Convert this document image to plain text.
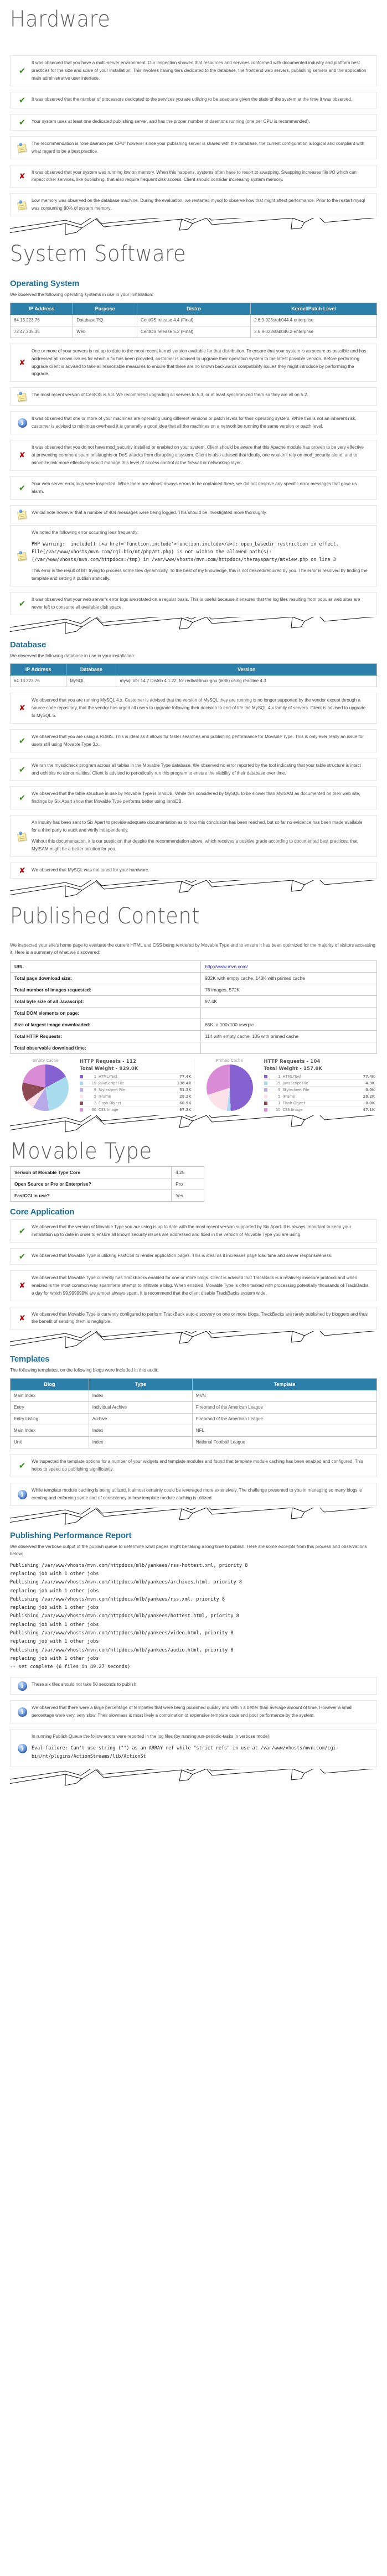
Hardware
✔

It was observed that you have a multi-server environment. Our inspection showed that resources and services conformed with documented industry and platform best practices for the size and scale of your installation. This involves having tiers dedicated to the database, the front end web servers, publishing servers and the application main administrative user interface.

✔ It was observed that the number of processors dedicated to the services you are utilizing to be adequate given the state of the system at the time it was observed.

✔ Your system uses at least one dedicated publishing server, and has the proper number of daemons running (one per CPU is recommended).

The recommendation is “one daemon per CPU” however since your publishing server is shared with the database, the current configuration is logical and compliant with what regard to be a best practice.

✘ It was observed that your system was running low on memory. When this happens, systems often have to resort to swapping. Swapping increases file I/O which can impact other services, like publishing, that also require frequent disk access. Client should consider increasing system memory.

Low memory was observed on the database machine. During the evaluation, we restarted mysql to observe how that might affect performance. Prior to the restart mysql was consuming 80% of system memory.

System Software
Operating System

We observed the following operating systems in use in your installation:

IP Address	Purpose	Distro	Kernel/Patch Level
64.13.223.76	Database/PQ	CentOS release 4.4 (Final)	2.6.9-023stab044.4-enterprise
72.47.235.35	Web	CentOS release 5.2 (Final)	2.6.9-023stab046.2-enterprise
✘

One or more of your servers is not up to date to the most recent kernel version available for that distribution. To ensure that your system is as secure as possible and has addressed all known issues for which a fix has been provided, customer is advised to upgrade their operation system to the latest possible version. Before performing upgrade client is advised to take all reasonable measures to ensure that there are no known backwards compatibility issues they might introduce by performing the upgrade.

The most recent version of CentOS is 5.3. We recommend upgrading all servers to 5.3, or at least synchronized them so they are all on 5.2.

i

It was observed that one or more of your machines are operating using different versions or patch levels for their operating system. While this is not an inherent risk, customer is advised to minimize overhead it is generally a good idea that all the machines on a network be running the same version or patch level.

✘

It was observed that you do not have mod_security installed or enabled on your system. Client should be aware that this Apache module has proven to be very effective at preventing comment spam onslaughts or DoS attacks from disrupting a system. Client is also advised that ideally, one wouldn’t rely on mod_security alone, and to minimize risk more effectively would manage this level of access control at the firewall or networking layer.

✔ Your web server error logs were inspected. While there are almost always errors to be contained there, we did not observe any specific error messages that gave us alarm.

We did note however that a number of 404 messages were being logged. This should be investigated more thoroughly.

We noted the following error occurring less frequently:

PHP Warning:  include() [<a href='function.include'>function.include</a>]: open_basedir restriction in effect. File(/var/www/vhosts/mvn.com/cgi-bin/mt/php/mt.php) is not within the allowed path(s): (/var/www/vhosts/mvn.com/httpdocs:/tmp) in /var/www/vhosts/mvn.com/httpdocs/theraysparty/mtview.php on line 3

This error is the result of MT trying to process some files dynamically. To the best of my knowledge, this is not desired/required by you. The error is resolved by finding the template and setting it publish statically.

✔ It was observed that your web server's error logs are rotated on a regular basis. This is useful because it ensures that the log files resulting from popular web sites are never left to consume all available disk space.

Database

We observed the following database in use in your installation:

IP Address	Database	Version
64.13.223.76	MySQL	mysql Ver 14.7 Distrib 4.1.22, for redhat-linux-gnu (i686) using readline 4.3
✘

We observed that you are running MySQL 4.x. Customer is advised that the version of MySQL they are running is no longer supported by the vendor except through a source code repository, that the vendor has urged all users to upgrade following their decision to end-of-life the MySQL 4.x family of servers. Client is advised to upgrade to MySQL 5.

✔ We observed that you are using a RDMS. This is ideal as it allows for faster searches and publishing performance for Movable Type. This is only ever really an issue for users still using Movable Type 3.x.

✔ We ran the mysqlcheck program across all tables in the Movable Type database. We observed no error reported by the tool indicating that your table structure is intact and exhibits no abnormalities. Client is advised to periodically run this program to ensure the viability of their database over time.

✔ We observed that the table structure in use by Movable Type is InnoDB. While this considered by MySQL to be slower than MyISAM as documented on their web site, findings by Six Apart show that Movable Type performs better using InnoDB.

An inquiry has been sent to Six Apart to provide adequate documentation as to how this conclusion has been reached, but so far no evidence has been made available for a third party to audit and verify independently.

Without this documentation, it is our suspicion that despite the recommendation above, which receives a positive grade according to documented best practices, that MyISAM might be a better solution for you.

✘ We observed that MySQL was not tuned for your hardware.

Published Content

We inspected your site's home page to evaluate the current HTML and CSS being rendered by Movable Type and to ensure it has been optimized for the majority of visitors accessing it. Here is a summary of what we discovered:

URL	http://www.mvn.com/
Total page download size:	932K with empty cache, 140K with primed cache
Total number of images requested:	76 images, 572K
Total byte size of all Javascript:	97.4K
Total DOM elements on page:	
Size of largest image downloaded:	65K, a 100x100 userpic
Total HTTP Requests:	114 with empty cache, 105 with primed cache
Total observable download time:	
Empty Cache	HTTP Requests - 112
Total Weight - 929.0K
1 HTML/Text	77.4K
19 JavaScript File	138.4K
9 Stylesheet File	51.3K
5 IFrame	28.2K
3 Flash Object	60.9K
30 CSS Image	97.3K
Primed Cache	HTTP Requests - 104
Total Weight - 157.0K
1 HTML/Text	77.4K
15 JavaScript File	4.3K
9 Stylesheet File	0.0K
5 IFrame	28.2K
1 Flash Object	0.0K
30 CSS Image	47.1K
Movable Type
Version of Movable Type Core	4.25
Open Source or Pro or Enterprise?	Pro
FastCGI in use?	Yes
Core Application
✔ We observed that the version of Movable Type you are using is up to date with the most recent version supported by Six Apart. It is always important to keep your installation up to date in order to ensure all known security issues are addressed and fixed in the version of Movable Type you are using.

✔ We observed that Movable Type is utilizing FastCGI to render application pages. This is ideal as it increases page load time and server responsiveness.

✘

We observed that Movable Type currently has TrackBacks enabled for one or more blogs. Client is advised that TrackBack is a relatively insecure protocol and when enabled is the most common way spammers attempt to infiltrate a blog. When enabled, Movable Type is often tasked with processing potentially thousands of TrackBacks a day for which 99.999999% are almost always spam. It is recommend that the client disable TrackBacks system wide.

✘ We observed that Movable Type is currently configured to perform TrackBack auto-discovery on one or more blogs. TrackBacks are rarely published by bloggers and thus the benefit of sending them is negligible.

Templates

The following templates, on the following blogs were included in this audit:

Blog	Type	Template
Main Index	Index	MVN
Entry	Individual Archive	Firebrand of the American League
Entry Listing	Archive	Firebrand of the American League
Main Index	Index	NFL
Unit	Index	National Football League
✔ We inspected the template options for a number of your widgets and template modules and found that template module caching has been enabled and configured. This helps to speed up publishing significantly.

i

While template module caching is being utilized, it almost certainly could be leveraged more extensively. The challenge presented to you in managing so many blogs is creating and enforcing some sort of consistency in how template module caching is utilized.

Publishing Performance Report

We observed the verbose output of the publish queue to determine what pages might be taking a long time to publish. Here are some excerpts from this process and observations below:

Publishing /var/www/vhosts/mvn.com/httpdocs/mlb/yankees/rss-hottest.xml, priority 8
replacing job with 1 other jobs
Publishing /var/www/vhosts/mvn.com/httpdocs/mlb/yankees/archives.html, priority 8
replacing job with 1 other jobs
Publishing /var/www/vhosts/mvn.com/httpdocs/mlb/yankees/rss.xml, priority 8
replacing job with 1 other jobs
Publishing /var/www/vhosts/mvn.com/httpdocs/mlb/yankees/hottest.html, priority 8
replacing job with 1 other jobs
Publishing /var/www/vhosts/mvn.com/httpdocs/mlb/yankees/video.html, priority 8
replacing job with 1 other jobs
Publishing /var/www/vhosts/mvn.com/httpdocs/mlb/yankees/audio.html, priority 8
replacing job with 1 other jobs
-- set complete (6 files in 49.27 seconds)
i	These six files should not take 50 seconds to publish.

i

We observed that there were a large percentage of templates that were being published quickly and within a better than average amount of time. However a small percentage were very, very slow. Their slowness is most likely a combination of expensive template code and poor performance by the system.

i

In running Publish Queue the follow errors were reported in the log files (by running run-periodic-tasks in verbose mode):

Eval failure: Can't use string ("") as an ARRAY ref while "strict refs" in use at /var/www/vhosts/mvn.com/cgi-bin/mt/plugins/ActionStreams/lib/ActionSt
